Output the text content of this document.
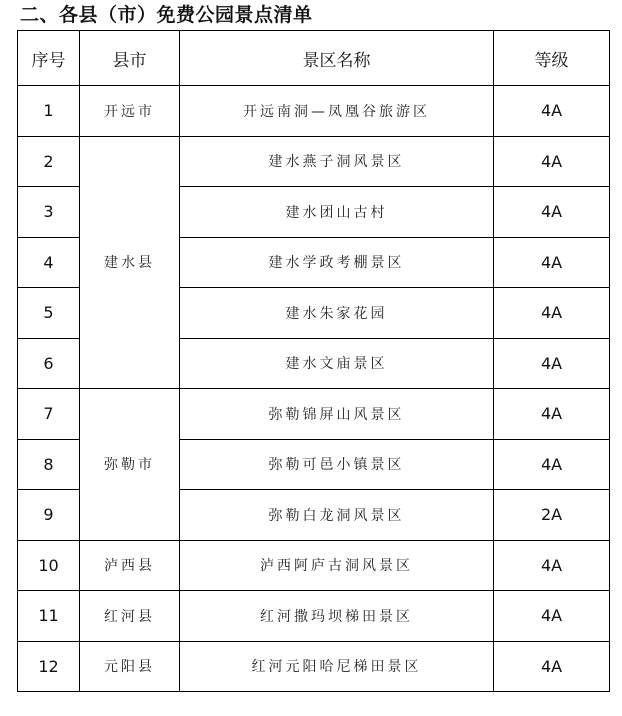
二、各县（市）免费公园景点清单
序号	县市	景区名称	等级
1	开远市	开远南洞—凤凰谷旅游区	4A
2	建水县	建水燕子洞风景区	4A
3		建水团山古村	4A
4		建水学政考棚景区	4A
5		建水朱家花园	4A
6		建水文庙景区	4A
7	弥勒市	弥勒锦屏山风景区	4A
8		弥勒可邑小镇景区	4A
9		弥勒白龙洞风景区	2A
10	泸西县	泸西阿庐古洞风景区	4A
11	红河县	红河撒玛坝梯田景区	4A
12	元阳县	红河元阳哈尼梯田景区	4A
